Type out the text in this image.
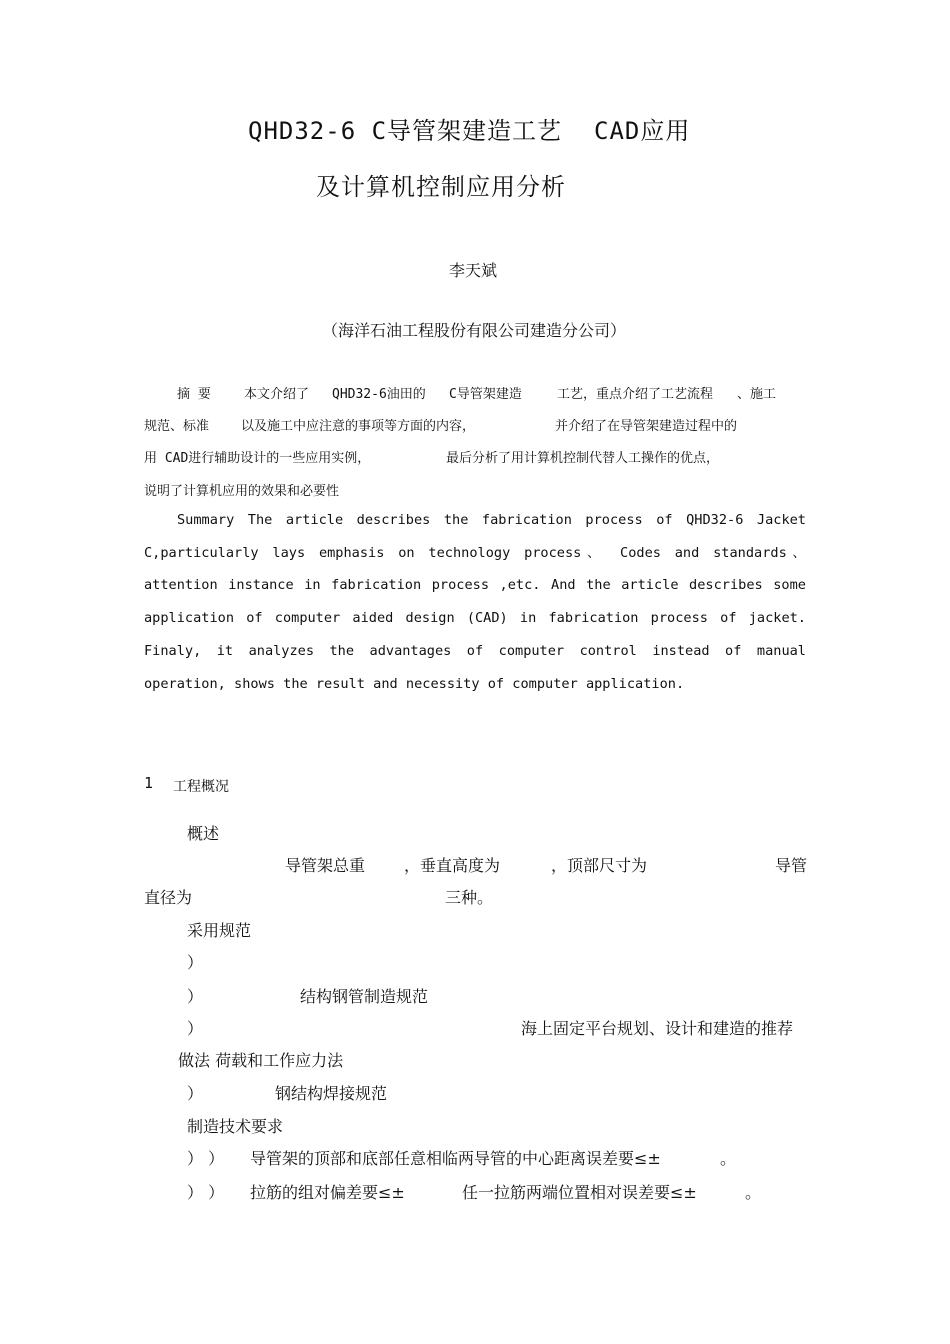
QHD32-6 C导管架建造工艺 CAD应用
及计算机控制应用分析
李天斌
（海洋石油工程股份有限公司建造分公司）
摘 要	本文介绍了 QHD32-6油田的 C导管架建造	工艺，重点介绍了工艺流程 、施工
规范、标准 以及施工中应注意的事项等方面的内容，	并介绍了在导管架建造过程中的
用 CAD进行辅助设计的一些应用实例，	最后分析了用计算机控制代替人工操作的优点，
说明了计算机应用的效果和必要性
Summary The article describes the fabrication process of QHD32-6 Jacket C,particularly lays emphasis on technology process、 Codes and standards、 attention instance in fabrication process ,etc. And the article describes some application of computer aided design (CAD) in fabrication process of jacket. Finaly, it analyzes the advantages of computer control instead of manual operation, shows the result and necessity of computer application.
1 工程概况
概述
导管架总重 ，垂直高度为	，顶部尺寸为	导管
直径为	三种。
采用规范
）
）	结构钢管制造规范
）	海上固定平台规划、设计和建造的推荐
做法 荷载和工作应力法
）	钢结构焊接规范
制造技术要求
） ） 导管架的顶部和底部任意相临两导管的中心距离误差要≤±	。
） ） 拉筋的组对偏差要≤±	任一拉筋两端位置相对误差要≤±	。
